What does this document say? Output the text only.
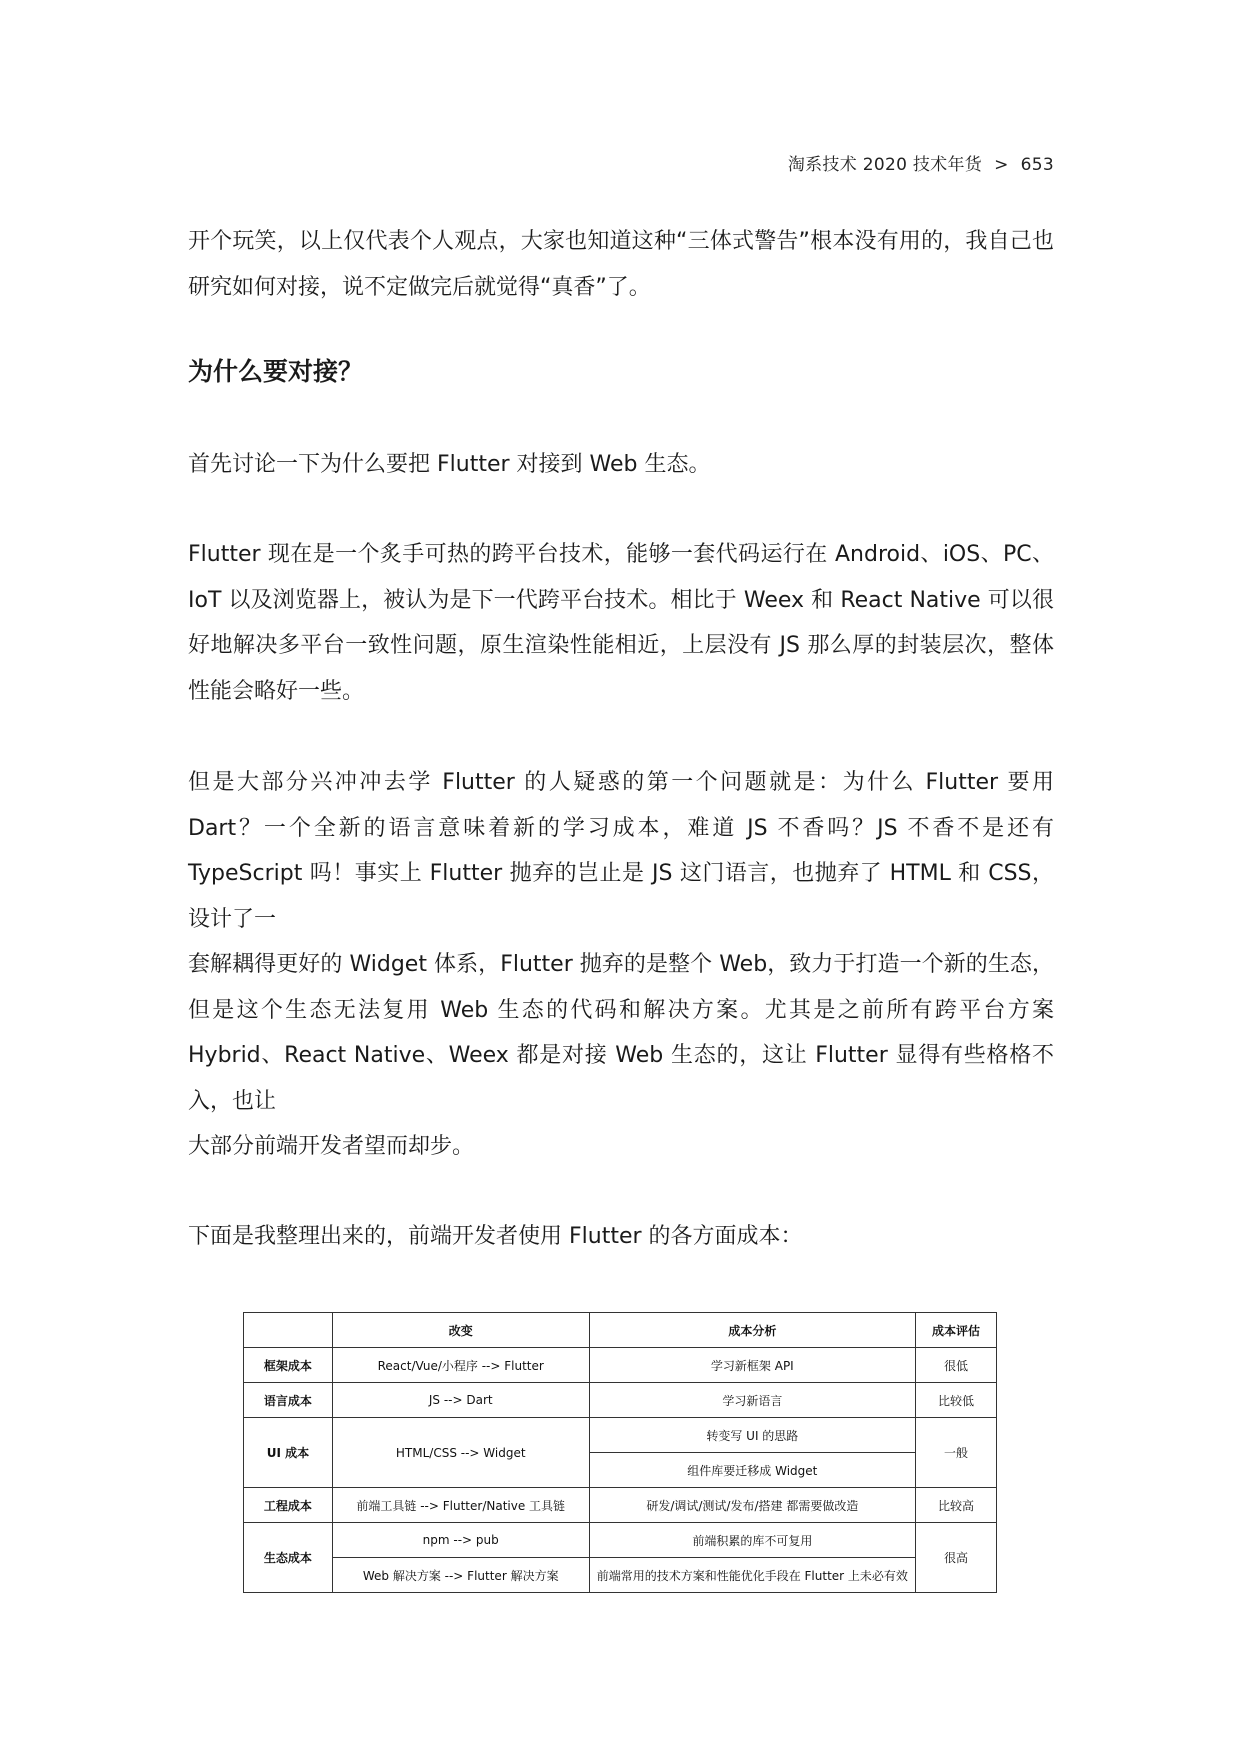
淘系技术 2020 技术年货 > 653

开个玩笑，以上仅代表个人观点，大家也知道这种“三体式警告”根本没有用的，我自己也研究如何对接，说不定做完后就觉得“真香”了。

为什么要对接？

首先讨论一下为什么要把 Flutter 对接到 Web 生态。

Flutter 现在是一个炙手可热的跨平台技术，能够一套代码运行在 Android、iOS、PC、IoT 以及浏览器上，被认为是下一代跨平台技术。相比于 Weex 和 React Native 可以很好地解决多平台一致性问题，原生渲染性能相近，上层没有 JS 那么厚的封装层次，整体性能会略好一些。

但是大部分兴冲冲去学 Flutter 的人疑惑的第一个问题就是：为什么 Flutter 要用 Dart？一个全新的语言意味着新的学习成本，难道 JS 不香吗？JS 不香不是还有 TypeScript 吗！事实上 Flutter 抛弃的岂止是 JS 这门语言，也抛弃了 HTML 和 CSS，设计了一

套解耦得更好的 Widget 体系，Flutter 抛弃的是整个 Web，致力于打造一个新的生态，但是这个生态无法复用 Web 生态的代码和解决方案。尤其是之前所有跨平台方案 Hybrid、React Native、Weex 都是对接 Web 生态的，这让 Flutter 显得有些格格不入，也让

大部分前端开发者望而却步。

下面是我整理出来的，前端开发者使用 Flutter 的各方面成本：

	改变	成本分析	成本评估
框架成本	React/Vue/小程序 --> Flutter	学习新框架 API	很低
语言成本	JS --> Dart	学习新语言	比较低
UI 成本	HTML/CSS --> Widget	转变写 UI 的思路	一般
		组件库要迁移成 Widget	
工程成本	前端工具链 --> Flutter/Native 工具链	研发/调试/测试/发布/搭建 都需要做改造	比较高
生态成本	npm --> pub	前端积累的库不可复用	很高
	Web 解决方案 --> Flutter 解决方案	前端常用的技术方案和性能优化手段在 Flutter 上未必有效	
